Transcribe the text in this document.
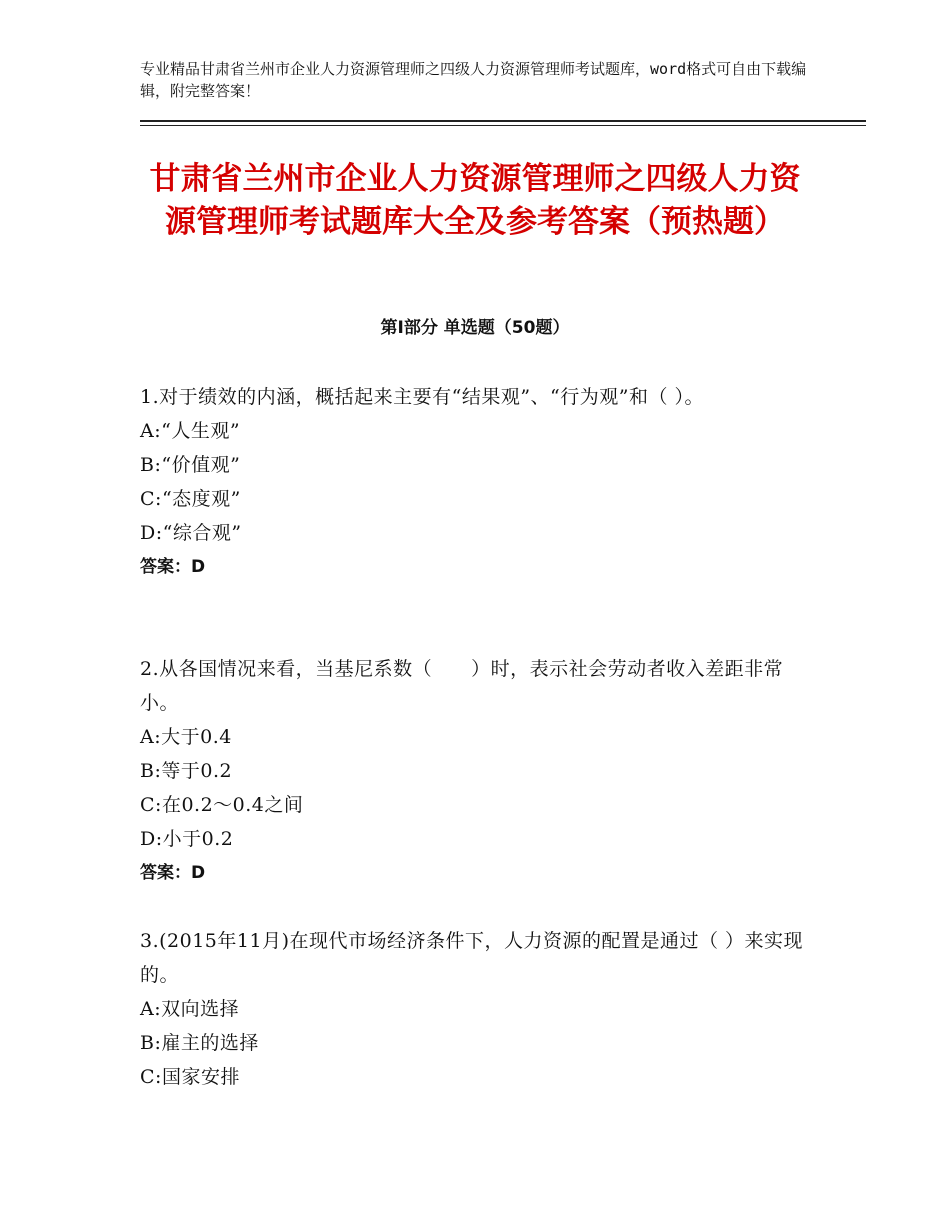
专业精品甘肃省兰州市企业人力资源管理师之四级人力资源管理师考试题库，word格式可自由下载编辑，附完整答案！
甘肃省兰州市企业人力资源管理师之四级人力资源管理师考试题库大全及参考答案（预热题）
第Ⅰ部分 单选题（50题）
1.对于绩效的内涵，概括起来主要有“结果观”、“行为观”和（ ）。
A:“人生观”
B:“价值观”
C:“态度观”
D:“综合观”
答案：D
2.从各国情况来看，当基尼系数（　　）时，表示社会劳动者收入差距非常小。
A:大于0.4
B:等于0.2
C:在0.2～0.4之间
D:小于0.2
答案：D
3.(2015年11月)在现代市场经济条件下，人力资源的配置是通过（ ）来实现的。
A:双向选择
B:雇主的选择
C:国家安排
